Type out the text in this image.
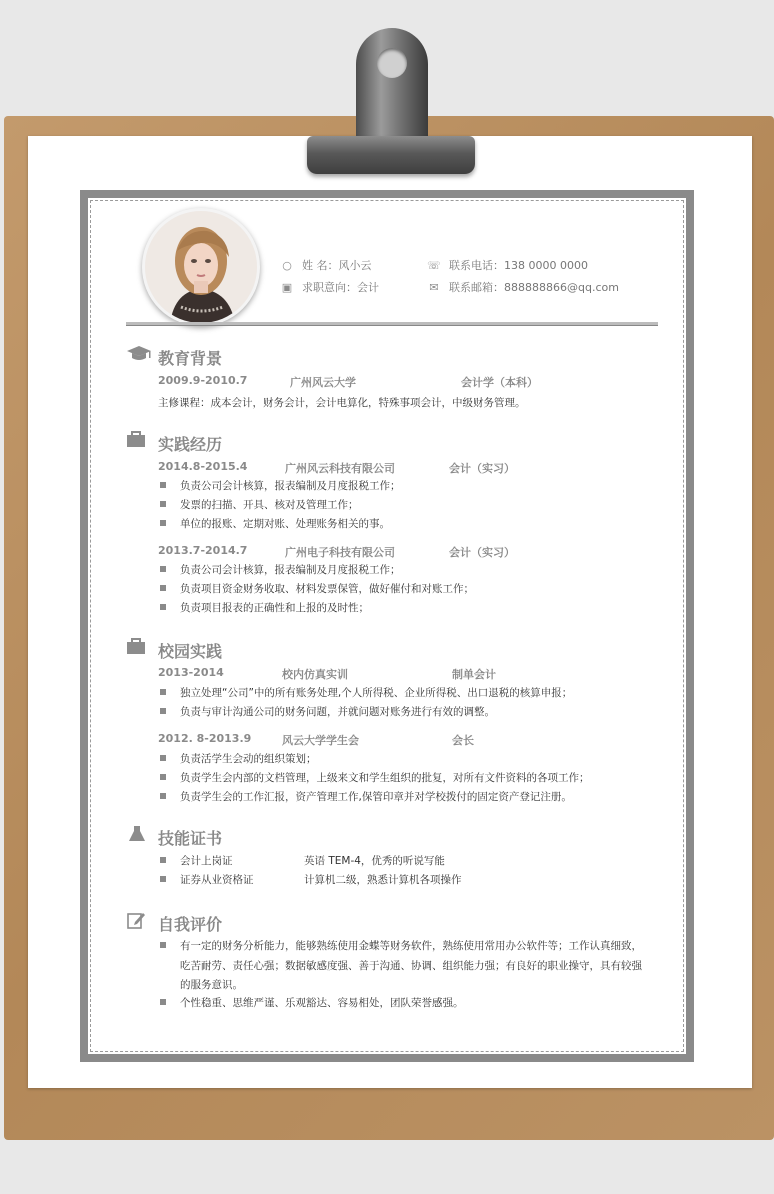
○ 姓 名：风小云
▣ 求职意向：会计
☏ 联系电话：138 0000 0000
✉ 联系邮箱：888888866@qq.com
教育背景
2009.9-2010.7	广州风云大学	会计学（本科）
主修课程：成本会计，财务会计，会计电算化，特殊事项会计，中级财务管理。
实践经历
2014.8-2015.4	广州风云科技有限公司	会计（实习）
负责公司会计核算，报表编制及月度报税工作；
发票的扫描、开具、核对及管理工作；
单位的报账、定期对账、处理账务相关的事。
2013.7-2014.7	广州电子科技有限公司	会计（实习）
负责公司会计核算，报表编制及月度报税工作；
负责项目资金财务收取、材料发票保管，做好催付和对账工作；
负责项目报表的正确性和上报的及时性；
校园实践
2013-2014	校内仿真实训	制单会计
独立处理“公司”中的所有账务处理,个人所得税、企业所得税、出口退税的核算申报；
负责与审计沟通公司的财务问题，并就问题对账务进行有效的调整。
2012. 8-2013.9	风云大学学生会	会长
负责活学生会动的组织策划；
负责学生会内部的文档管理，上级来文和学生组织的批复，对所有文件资料的各项工作；
负责学生会的工作汇报，资产管理工作,保管印章并对学校拨付的固定资产登记注册。
技能证书
会计上岗证	英语 TEM-4，优秀的听说写能
证券从业资格证	计算机二级，熟悉计算机各项操作
自我评价
有一定的财务分析能力，能够熟练使用金蝶等财务软件，熟练使用常用办公软件等；工作认真细致，
吃苦耐劳、责任心强；数据敏感度强、善于沟通、协调、组织能力强；有良好的职业操守，具有较强
的服务意识。
个性稳重、思维严谨、乐观豁达、容易相处，团队荣誉感强。
